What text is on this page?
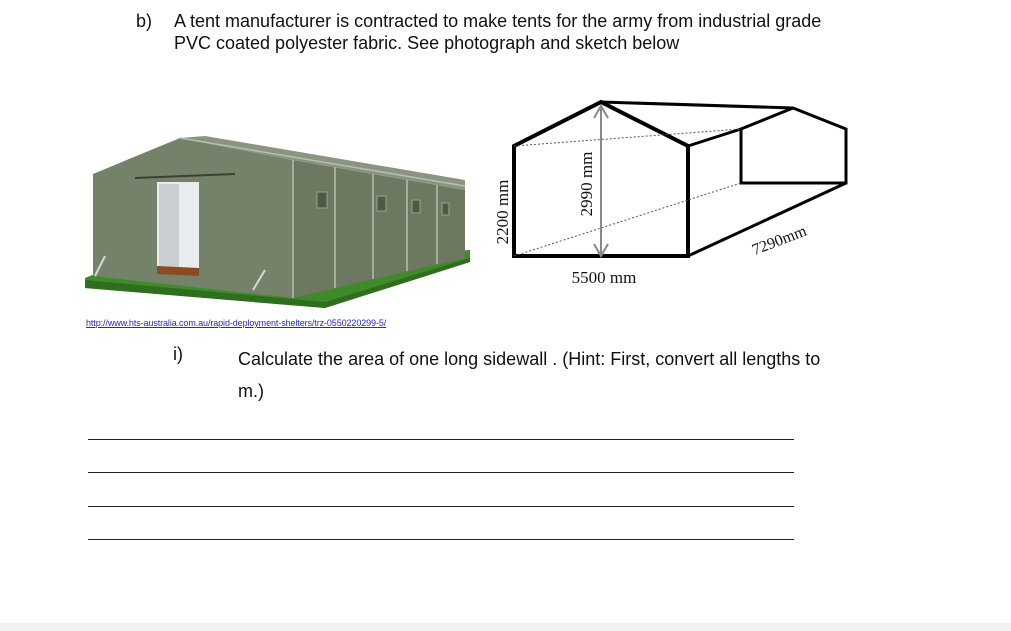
b) A tent manufacturer is contracted to make tents for the army from industrial grade
PVC coated polyester fabric. See photograph and sketch below
2200 mm	2990 mm
5500 mm
7290mm
http://www.hts-australia.com.au/rapid-deployment-shelters/trz-0550220299-5/
i)	Calculate the area of one long sidewall . (Hint: First, convert all lengths to
m.)
